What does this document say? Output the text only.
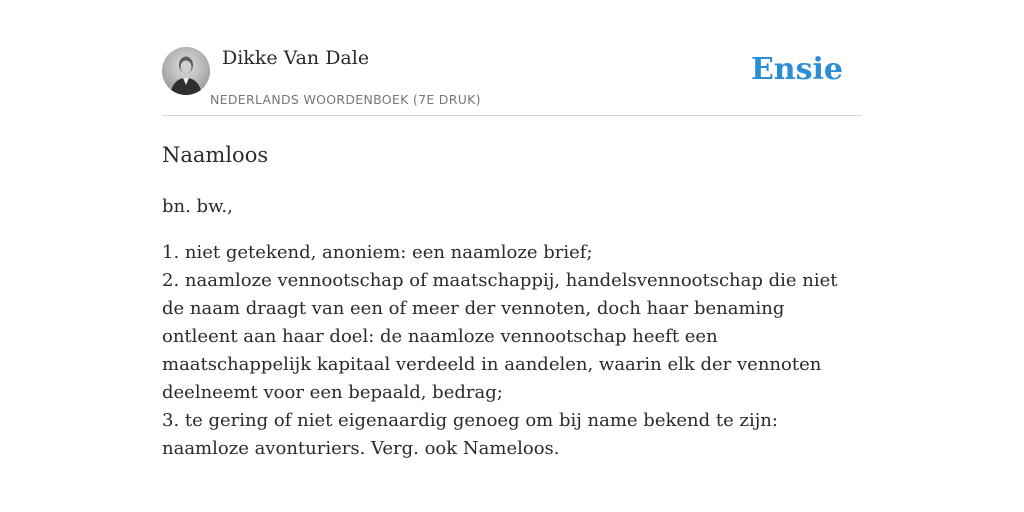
Dikke Van Dale
NEDERLANDS WOORDENBOEK (7E DRUK)
Ensie
Naamloos
bn. bw.,
1. niet getekend, anoniem: een naamloze brief;
2. naamloze vennootschap of maatschappij, handelsvennootschap die niet de naam draagt van een of meer der vennoten, doch haar benaming ontleent aan haar doel: de naamloze vennootschap heeft een maatschappelijk kapitaal verdeeld in aandelen, waarin elk der vennoten deelneemt voor een bepaald, bedrag;
3. te gering of niet eigenaardig genoeg om bij name bekend te zijn: naamloze avonturiers. Verg. ook Nameloos.
